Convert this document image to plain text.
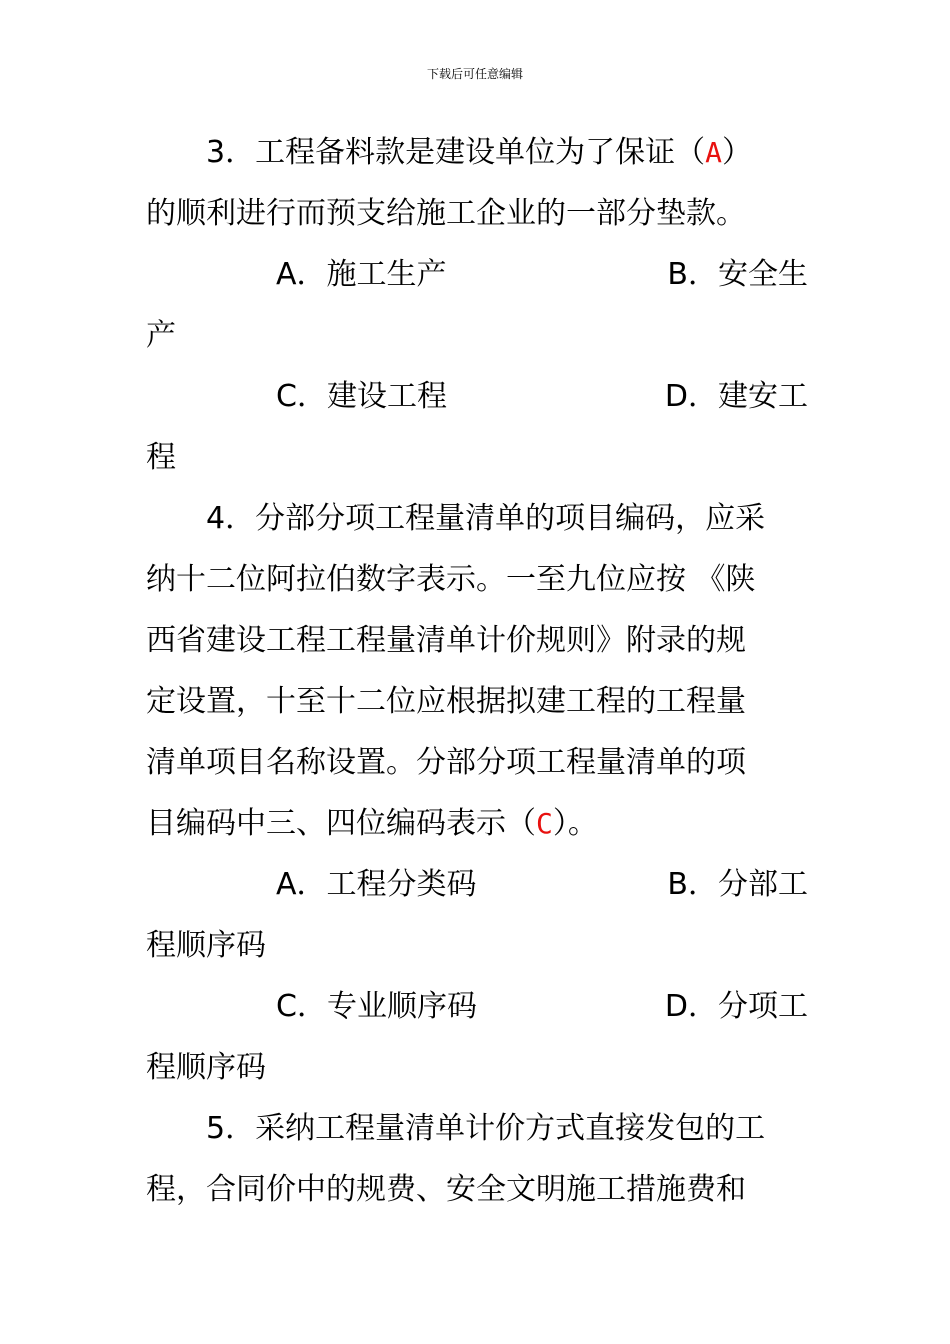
下载后可任意编辑
3．工程备料款是建设单位为了保证（A）
的顺利进行而预支给施工企业的一部分垫款。
A．施工生产	B．安全生
产
C．建设工程	D．建安工
程
4．分部分项工程量清单的项目编码，应采
纳十二位阿拉伯数字表示。一至九位应按 《陕
西省建设工程工程量清单计价规则》附录的规
定设置，十至十二位应根据拟建工程的工程量
清单项目名称设置。分部分项工程量清单的项
目编码中三、四位编码表示（C）。
A．工程分类码	B．分部工
程顺序码
C．专业顺序码	D．分项工
程顺序码
5．采纳工程量清单计价方式直接发包的工
程，合同价中的规费、安全文明施工措施费和
